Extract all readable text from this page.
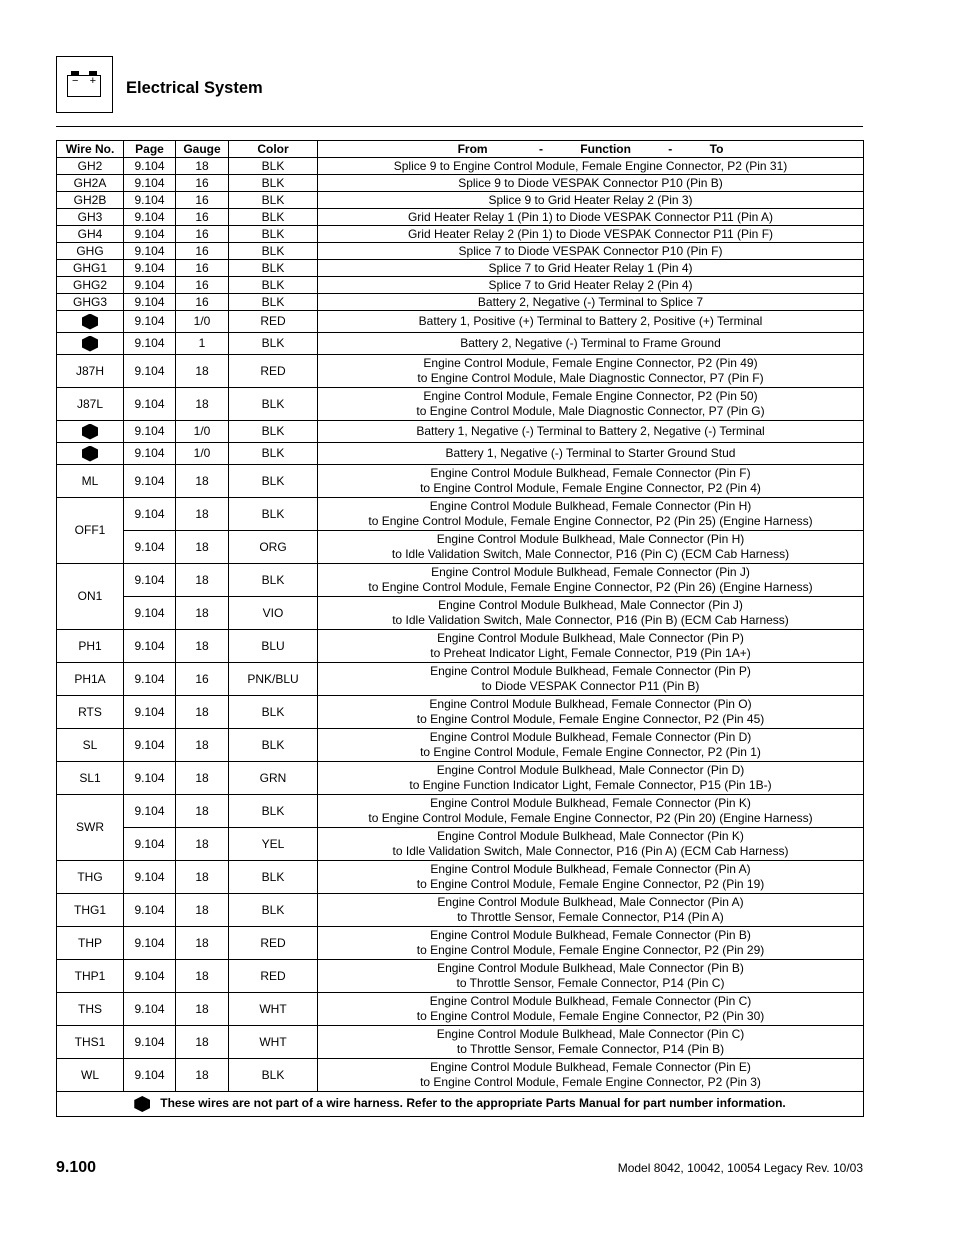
− + Electrical System
Wire No.	Page	Gauge	Color	From - Function - To
GH2	9.104	18	BLK	Splice 9 to Engine Control Module, Female Engine Connector, P2 (Pin 31)

GH2A	9.104	16	BLK	Splice 9 to Diode VESPAK Connector P10 (Pin B)

GH2B	9.104	16	BLK	Splice 9 to Grid Heater Relay 2 (Pin 3)

GH3	9.104	16	BLK	Grid Heater Relay 1 (Pin 1) to Diode VESPAK Connector P11 (Pin A)

GH4	9.104	16	BLK	Grid Heater Relay 2 (Pin 1) to Diode VESPAK Connector P11 (Pin F)

GHG	9.104	16	BLK	Splice 7 to Diode VESPAK Connector P10 (Pin F)

GHG1	9.104	16	BLK	Splice 7 to Grid Heater Relay 1 (Pin 4)

GHG2	9.104	16	BLK	Splice 7 to Grid Heater Relay 2 (Pin 4)

GHG3	9.104	16	BLK	Battery 2, Negative (-) Terminal to Splice 7

	9.104	1/0	RED	Battery 1, Positive (+) Terminal to Battery 2, Positive (+) Terminal

	9.104	1	BLK	Battery 2, Negative (-) Terminal to Frame Ground

J87H	9.104	18	RED	Engine Control Module, Female Engine Connector, P2 (Pin 49)
to Engine Control Module, Male Diagnostic Connector, P7 (Pin F)

J87L	9.104	18	BLK	Engine Control Module, Female Engine Connector, P2 (Pin 50)
to Engine Control Module, Male Diagnostic Connector, P7 (Pin G)

	9.104	1/0	BLK	Battery 1, Negative (-) Terminal to Battery 2, Negative (-) Terminal

	9.104	1/0	BLK	Battery 1, Negative (-) Terminal to Starter Ground Stud

ML	9.104	18	BLK	Engine Control Module Bulkhead, Female Connector (Pin F)
to Engine Control Module, Female Engine Connector, P2 (Pin 4)

OFF1	9.104	18	BLK	Engine Control Module Bulkhead, Female Connector (Pin H)
to Engine Control Module, Female Engine Connector, P2 (Pin 25) (Engine Harness)

	9.104	18	ORG	Engine Control Module Bulkhead, Male Connector (Pin H)
to Idle Validation Switch, Male Connector, P16 (Pin C) (ECM Cab Harness)

ON1	9.104	18	BLK	Engine Control Module Bulkhead, Female Connector (Pin J)
to Engine Control Module, Female Engine Connector, P2 (Pin 26) (Engine Harness)

	9.104	18	VIO	Engine Control Module Bulkhead, Male Connector (Pin J)
to Idle Validation Switch, Male Connector, P16 (Pin B) (ECM Cab Harness)

PH1	9.104	18	BLU	Engine Control Module Bulkhead, Male Connector (Pin P)
to Preheat Indicator Light, Female Connector, P19 (Pin 1A+)

PH1A	9.104	16	PNK/BLU	Engine Control Module Bulkhead, Female Connector (Pin P)
to Diode VESPAK Connector P11 (Pin B)

RTS	9.104	18	BLK	Engine Control Module Bulkhead, Female Connector (Pin O)
to Engine Control Module, Female Engine Connector, P2 (Pin 45)

SL	9.104	18	BLK	Engine Control Module Bulkhead, Female Connector (Pin D)
to Engine Control Module, Female Engine Connector, P2 (Pin 1)

SL1	9.104	18	GRN	Engine Control Module Bulkhead, Male Connector (Pin D)
to Engine Function Indicator Light, Female Connector, P15 (Pin 1B-)

SWR	9.104	18	BLK	Engine Control Module Bulkhead, Female Connector (Pin K)
to Engine Control Module, Female Engine Connector, P2 (Pin 20) (Engine Harness)

	9.104	18	YEL	Engine Control Module Bulkhead, Male Connector (Pin K)
to Idle Validation Switch, Male Connector, P16 (Pin A) (ECM Cab Harness)

THG	9.104	18	BLK	Engine Control Module Bulkhead, Female Connector (Pin A)
to Engine Control Module, Female Engine Connector, P2 (Pin 19)

THG1	9.104	18	BLK	Engine Control Module Bulkhead, Male Connector (Pin A)
to Throttle Sensor, Female Connector, P14 (Pin A)

THP	9.104	18	RED	Engine Control Module Bulkhead, Female Connector (Pin B)
to Engine Control Module, Female Engine Connector, P2 (Pin 29)

THP1	9.104	18	RED	Engine Control Module Bulkhead, Male Connector (Pin B)
to Throttle Sensor, Female Connector, P14 (Pin C)

THS	9.104	18	WHT	Engine Control Module Bulkhead, Female Connector (Pin C)
to Engine Control Module, Female Engine Connector, P2 (Pin 30)

THS1	9.104	18	WHT	Engine Control Module Bulkhead, Male Connector (Pin C)
to Throttle Sensor, Female Connector, P14 (Pin B)

WL	9.104	18	BLK	Engine Control Module Bulkhead, Female Connector (Pin E)
to Engine Control Module, Female Engine Connector, P2 (Pin 3)

These wires are not part of a wire harness. Refer to the appropriate Parts Manual for part number information.				
9.100	Model 8042, 10042, 10054 Legacy Rev. 10/03
